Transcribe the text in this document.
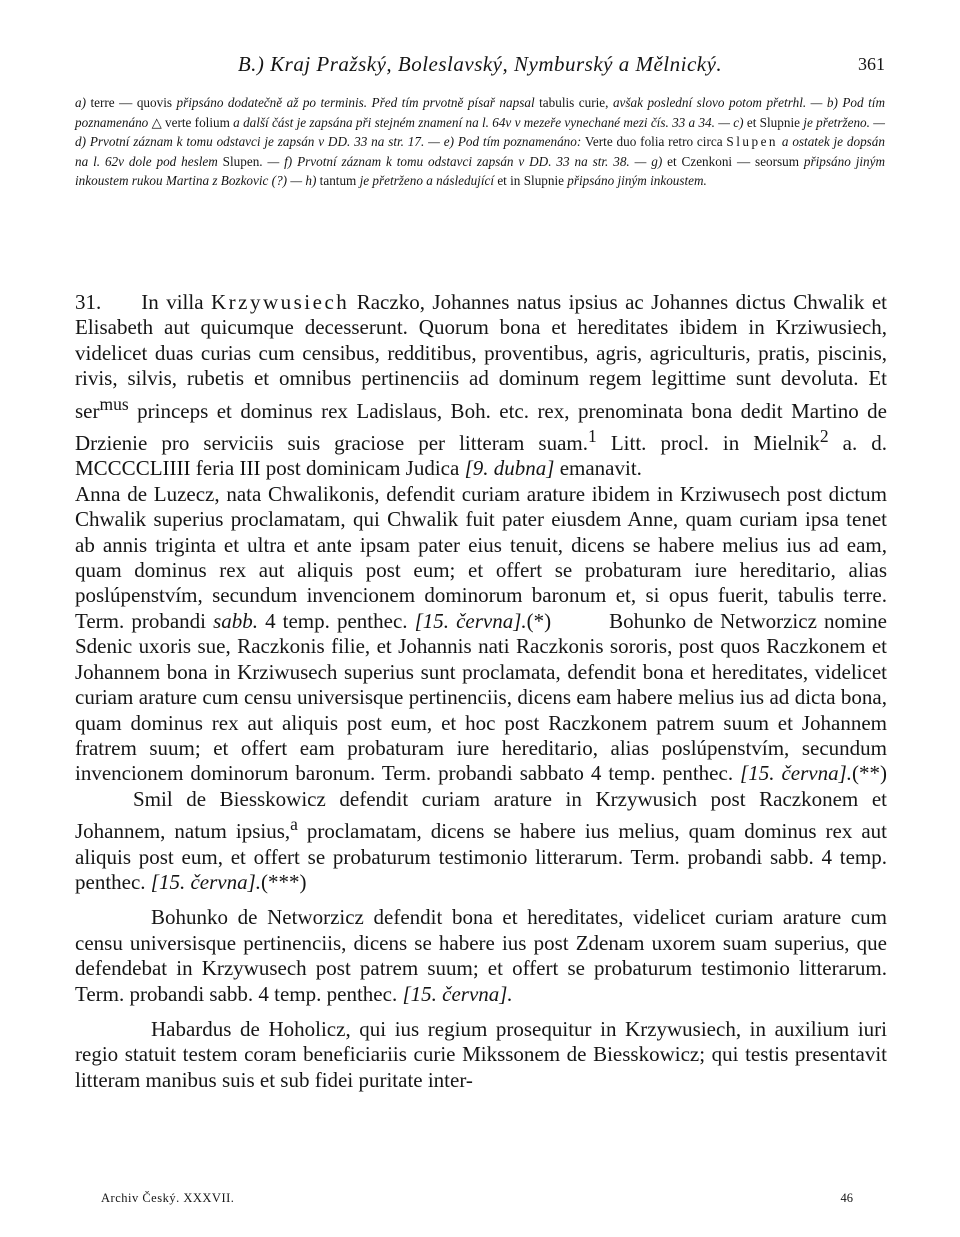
B.) Kraj Pražský, Boleslavský, Nymburský a Mělnický.	361
a) terre — quovis připsáno dodatečně až po terminis. Před tím prvotně písař napsal tabulis curie, avšak poslední slovo potom přetrhl. — b) Pod tím poznamenáno △ verte folium a další část je zapsána při stejném znamení na l. 64v v mezeře vynechané mezi čís. 33 a 34. — c) et Slupnie je přetrženo. — d) Prvotní záznam k tomu odstavci je zapsán v DD. 33 na str. 17. — e) Pod tím poznamenáno: Verte duo folia retro circa Slupen a ostatek je dopsán na l. 62v dole pod heslem Slupen. — f) Prvotní záznam k tomu odstavci zapsán v DD. 33 na str. 38. — g) et Czenkoni — seorsum připsáno jiným inkoustem rukou Martina z Bozkovic (?) — h) tantum je přetrženo a následující et in Slupnie připsáno jiným inkoustem.

31. In villa Krzywusiech Raczko, Johannes natus ipsius ac Johannes dictus Chwalik et Elisabeth aut quicumque decesserunt. Quorum bona et hereditates ibidem in Krziwusiech, videlicet duas curias cum censibus, redditibus, proventibus, agris, agriculturis, pratis, piscinis, rivis, silvis, rubetis et omnibus pertinenciis ad dominum regem legittime sunt devoluta. Et ser$^{mus}$ princeps et dominus rex Ladislaus, Boh. etc. rex, prenominata bona dedit Martino de Drzienie pro serviciis suis graciose per litteram suam.$^1$ Litt. procl. in Mielnik$^2$ a. d. MCCCCLIIII feria III post dominicam Judica [9. dubna] emanavit.

Anna de Luzecz, nata Chwalikonis, defendit curiam arature ibidem in Krziwusech post dictum Chwalik superius proclamatam, qui Chwalik fuit pater eiusdem Anne, quam curiam ipsa tenet ab annis triginta et ultra et ante ipsam pater eius tenuit, dicens se habere melius ius ad eam, quam dominus rex aut aliquis post eum; et offert se probaturam iure hereditario, alias poslúpenstvím, secundum invencionem dominorum baronum et, si opus fuerit, tabulis terre. Term. probandi sabb. 4 temp. penthec. [15. června].(*)	Bohunko de Networzicz nomine Sdenic uxoris sue, Raczkonis filie, et Johannis nati Raczkonis sororis, post quos Raczkonem et Johannem bona in Krziwusech superius sunt proclamata, defendit bona et hereditates, videlicet curiam arature cum censu universisque pertinenciis, dicens eam habere melius ius ad dicta bona, quam dominus rex aut aliquis post eum, et hoc post Raczkonem patrem suum et Johannem fratrem suum; et offert eam probaturam iure hereditario, alias poslúpenstvím, secundum invencionem dominorum baronum. Term. probandi sabbato 4 temp. penthec. [15. června].(**)Smil de Biesskowicz defendit curiam arature in Krzywusich post Raczkonem et Johannem, natum ipsius,$^a$ proclamatam, dicens se habere ius melius, quam dominus rex aut aliquis post eum, et offert se probaturum testimonio litterarum. Term. probandi sabb. 4 temp. penthec. [15. června].(***)

Bohunko de Networzicz defendit bona et hereditates, videlicet curiam arature cum censu universisque pertinenciis, dicens se habere ius post Zdenam uxorem suam superius, que defendebat in Krzywusech post patrem suum; et offert se probaturum testimonio litterarum. Term. probandi sabb. 4 temp. penthec. [15. června].

Habardus de Hoholicz, qui ius regium prosequitur in Krzywusiech, in auxilium iuri regio statuit testem coram beneficiariis curie Mikssonem de Biesskowicz; qui testis presentavit litteram manibus suis et sub fidei puritate inter-

Archiv Český. XXXVII.	46
